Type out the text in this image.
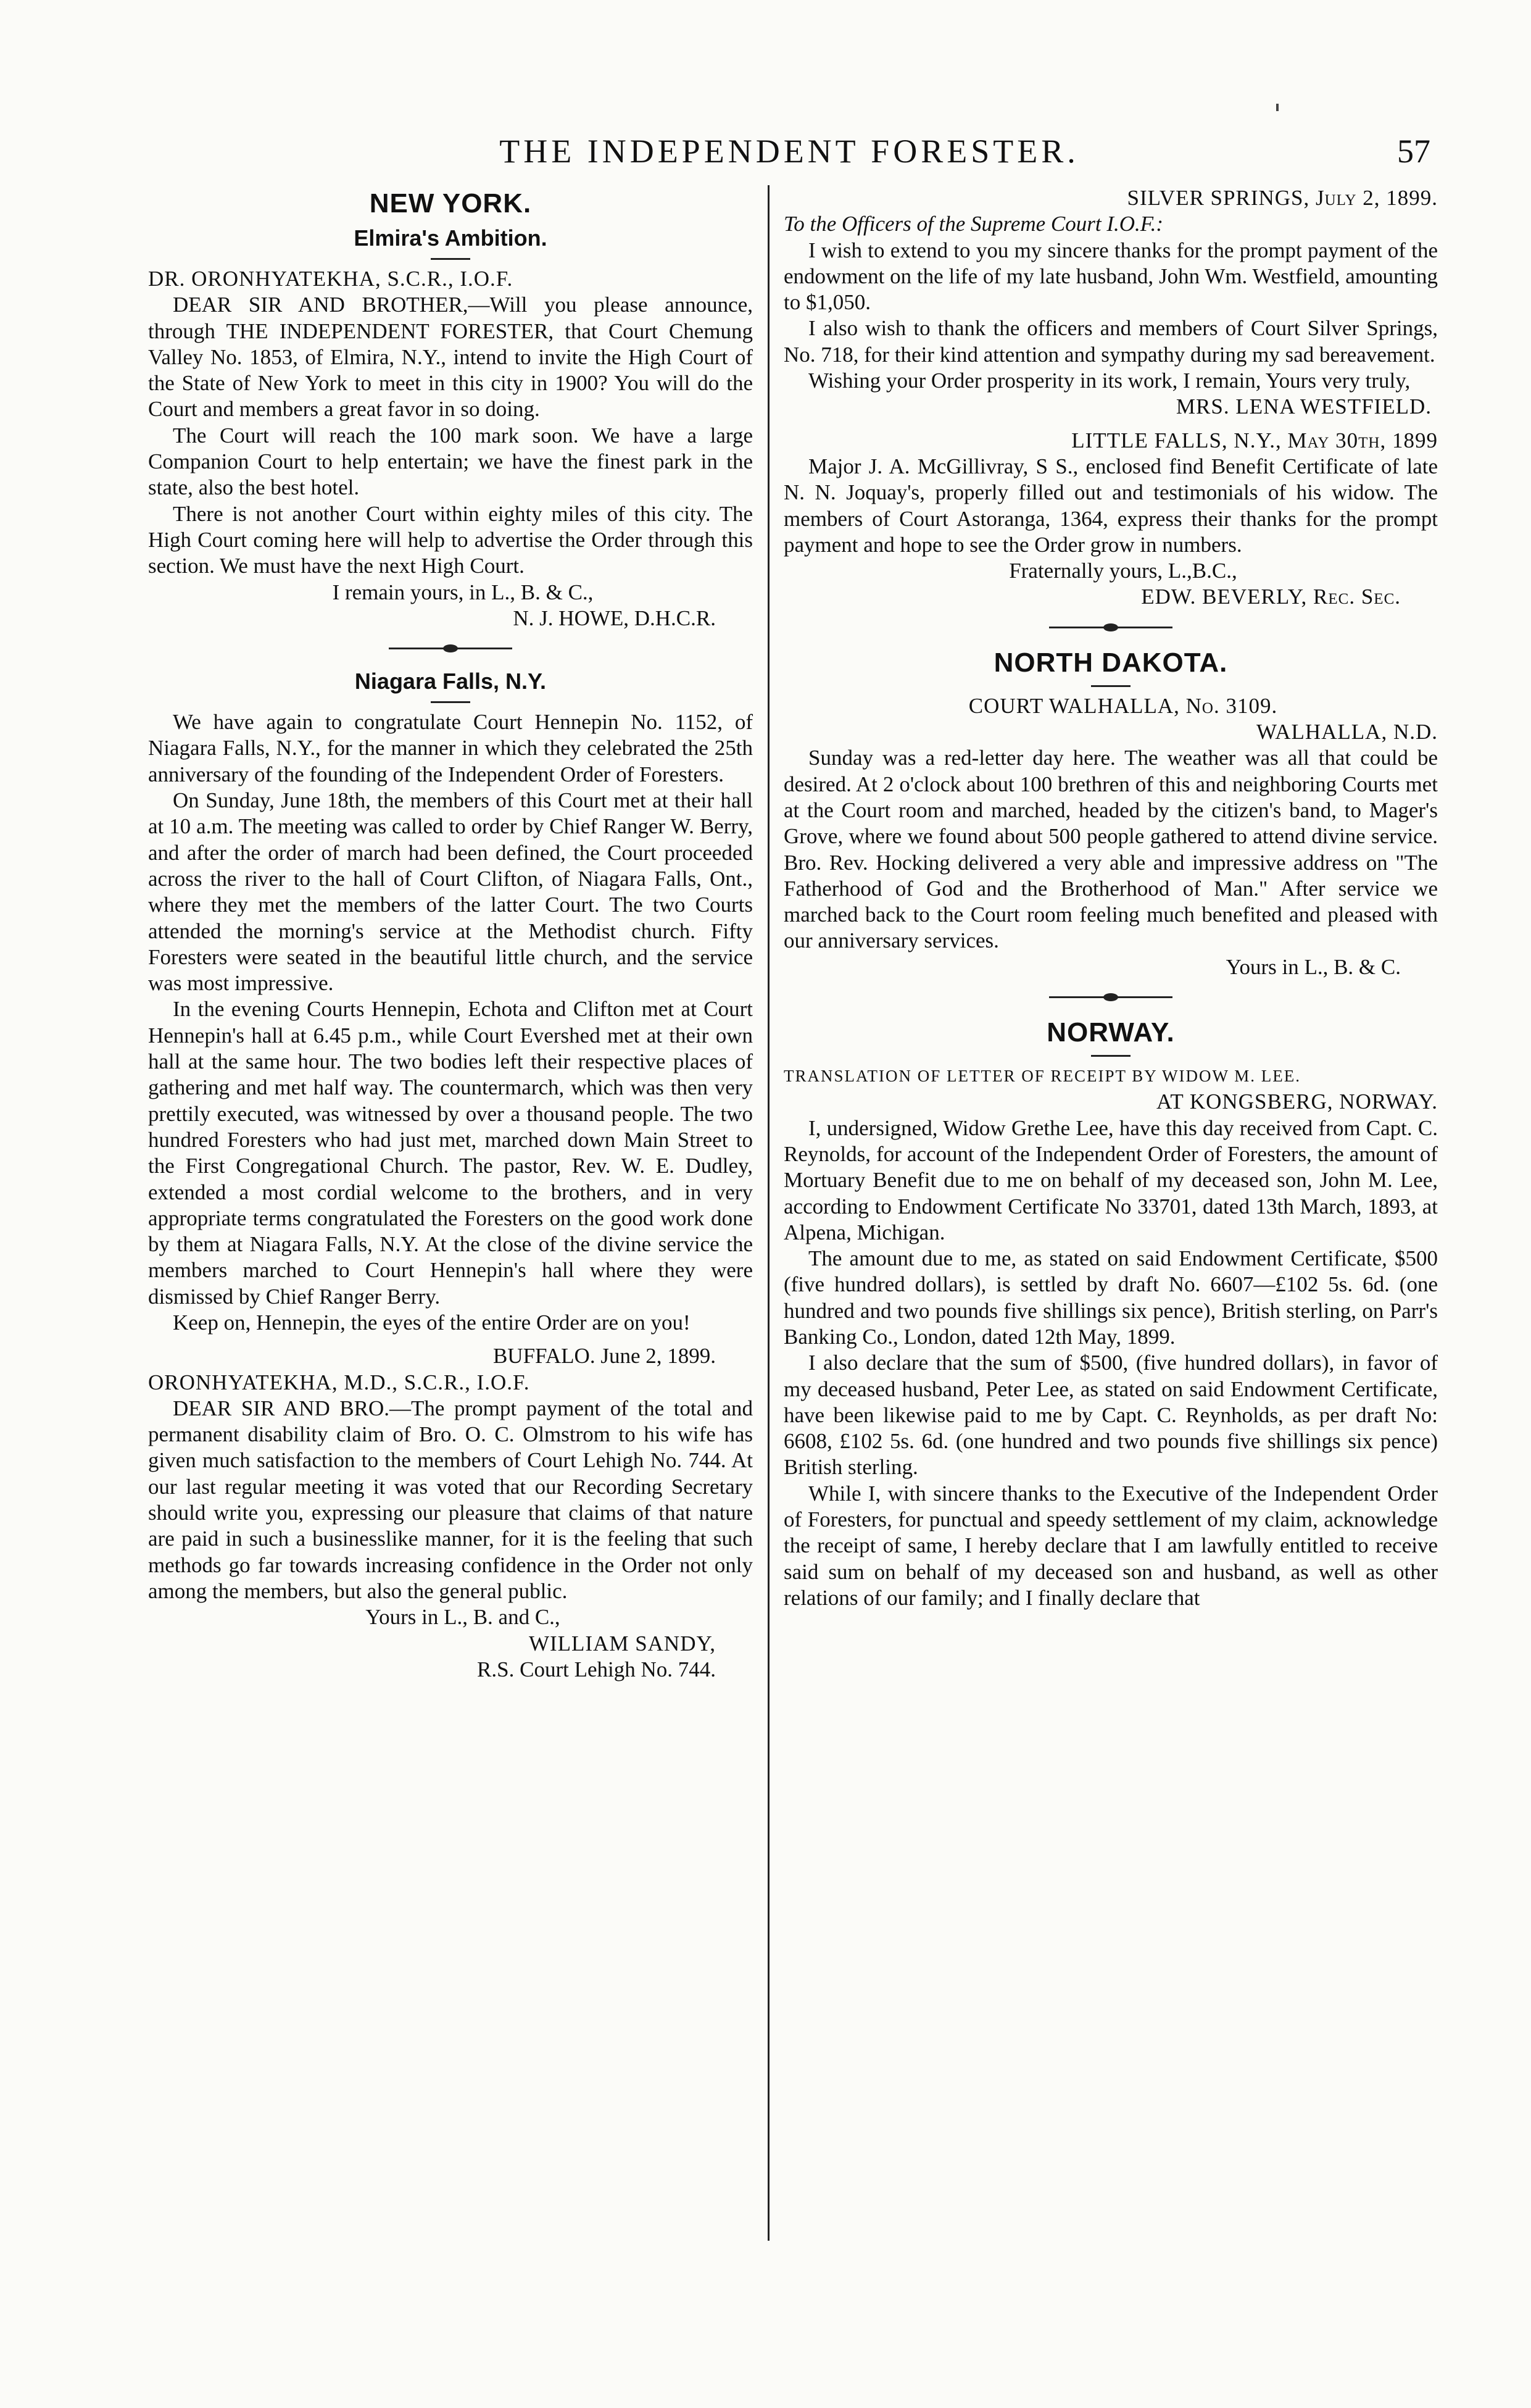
THE INDEPENDENT FORESTER.	57
NEW YORK.
Elmira's Ambition.

DR. ORONHYATEKHA, S.C.R., I.O.F.

DEAR SIR AND BROTHER,—Will you please announce, through THE INDEPENDENT FORESTER, that Court Chemung Valley No. 1853, of Elmira, N.Y., intend to invite the High Court of the State of New York to meet in this city in 1900? You will do the Court and members a great favor in so doing.

The Court will reach the 100 mark soon. We have a large Companion Court to help entertain; we have the finest park in the state, also the best hotel.

There is not another Court within eighty miles of this city. The High Court coming here will help to advertise the Order through this section. We must have the next High Court.

I remain yours, in L., B. & C.,

N. J. HOWE, D.H.C.R.

Niagara Falls, N.Y.

We have again to congratulate Court Hennepin No. 1152, of Niagara Falls, N.Y., for the manner in which they celebrated the 25th anniversary of the founding of the Independent Order of Foresters.

On Sunday, June 18th, the members of this Court met at their hall at 10 a.m. The meeting was called to order by Chief Ranger W. Berry, and after the order of march had been defined, the Court proceeded across the river to the hall of Court Clifton, of Niagara Falls, Ont., where they met the members of the latter Court. The two Courts attended the morning's service at the Methodist church. Fifty Foresters were seated in the beautiful little church, and the service was most impressive.

In the evening Courts Hennepin, Echota and Clifton met at Court Hennepin's hall at 6.45 p.m., while Court Evershed met at their own hall at the same hour. The two bodies left their respective places of gathering and met half way. The countermarch, which was then very prettily executed, was witnessed by over a thousand people. The two hundred Foresters who had just met, marched down Main Street to the First Congregational Church. The pastor, Rev. W. E. Dudley, extended a most cordial welcome to the brothers, and in very appropriate terms congratulated the Foresters on the good work done by them at Niagara Falls, N.Y. At the close of the divine service the members marched to Court Hennepin's hall where they were dismissed by Chief Ranger Berry.

Keep on, Hennepin, the eyes of the entire Order are on you!

BUFFALO. June 2, 1899.

ORONHYATEKHA, M.D., S.C.R., I.O.F.

DEAR SIR AND BRO.—The prompt payment of the total and permanent disability claim of Bro. O. C. Olmstrom to his wife has given much satisfaction to the members of Court Lehigh No. 744. At our last regular meeting it was voted that our Recording Secretary should write you, expressing our pleasure that claims of that nature are paid in such a businesslike manner, for it is the feeling that such methods go far towards increasing confidence in the Order not only among the members, but also the general public.

Yours in L., B. and C.,

WILLIAM SANDY,

R.S. Court Lehigh No. 744.

SILVER SPRINGS, July 2, 1899.

To the Officers of the Supreme Court I.O.F.:

I wish to extend to you my sincere thanks for the prompt payment of the endowment on the life of my late husband, John Wm. Westfield, amounting to $1,050.

I also wish to thank the officers and members of Court Silver Springs, No. 718, for their kind attention and sympathy during my sad bereavement.

Wishing your Order prosperity in its work, I remain, Yours very truly,

MRS. LENA WESTFIELD.

LITTLE FALLS, N.Y., May 30th, 1899

Major J. A. McGillivray, S S., enclosed find Benefit Certificate of late N. N. Joquay's, properly filled out and testimonials of his widow. The members of Court Astoranga, 1364, express their thanks for the prompt payment and hope to see the Order grow in numbers.

Fraternally yours, L.,B.C.,

EDW. BEVERLY, Rec. Sec.

NORTH DAKOTA.

COURT WALHALLA, No. 3109.

WALHALLA, N.D.

Sunday was a red-letter day here. The weather was all that could be desired. At 2 o'clock about 100 brethren of this and neighboring Courts met at the Court room and marched, headed by the citizen's band, to Mager's Grove, where we found about 500 people gathered to attend divine service. Bro. Rev. Hocking delivered a very able and impressive address on "The Fatherhood of God and the Brotherhood of Man." After service we marched back to the Court room feeling much benefited and pleased with our anniversary services.

Yours in L., B. & C.

NORWAY.

TRANSLATION OF LETTER OF RECEIPT BY WIDOW M. LEE.

AT KONGSBERG, NORWAY.

I, undersigned, Widow Grethe Lee, have this day received from Capt. C. Reynolds, for account of the Independent Order of Foresters, the amount of Mortuary Benefit due to me on behalf of my deceased son, John M. Lee, according to Endowment Certificate No 33701, dated 13th March, 1893, at Alpena, Michigan.

The amount due to me, as stated on said Endowment Certificate, $500 (five hundred dollars), is settled by draft No. 6607—£102 5s. 6d. (one hundred and two pounds five shillings six pence), British sterling, on Parr's Banking Co., London, dated 12th May, 1899.

I also declare that the sum of $500, (five hundred dollars), in favor of my deceased husband, Peter Lee, as stated on said Endowment Certificate, have been likewise paid to me by Capt. C. Reynholds, as per draft No: 6608, £102 5s. 6d. (one hundred and two pounds five shillings six pence) British sterling.

While I, with sincere thanks to the Executive of the Independent Order of Foresters, for punctual and speedy settlement of my claim, acknowledge the receipt of same, I hereby declare that I am lawfully entitled to receive said sum on behalf of my deceased son and husband, as well as other relations of our family; and I finally declare that
